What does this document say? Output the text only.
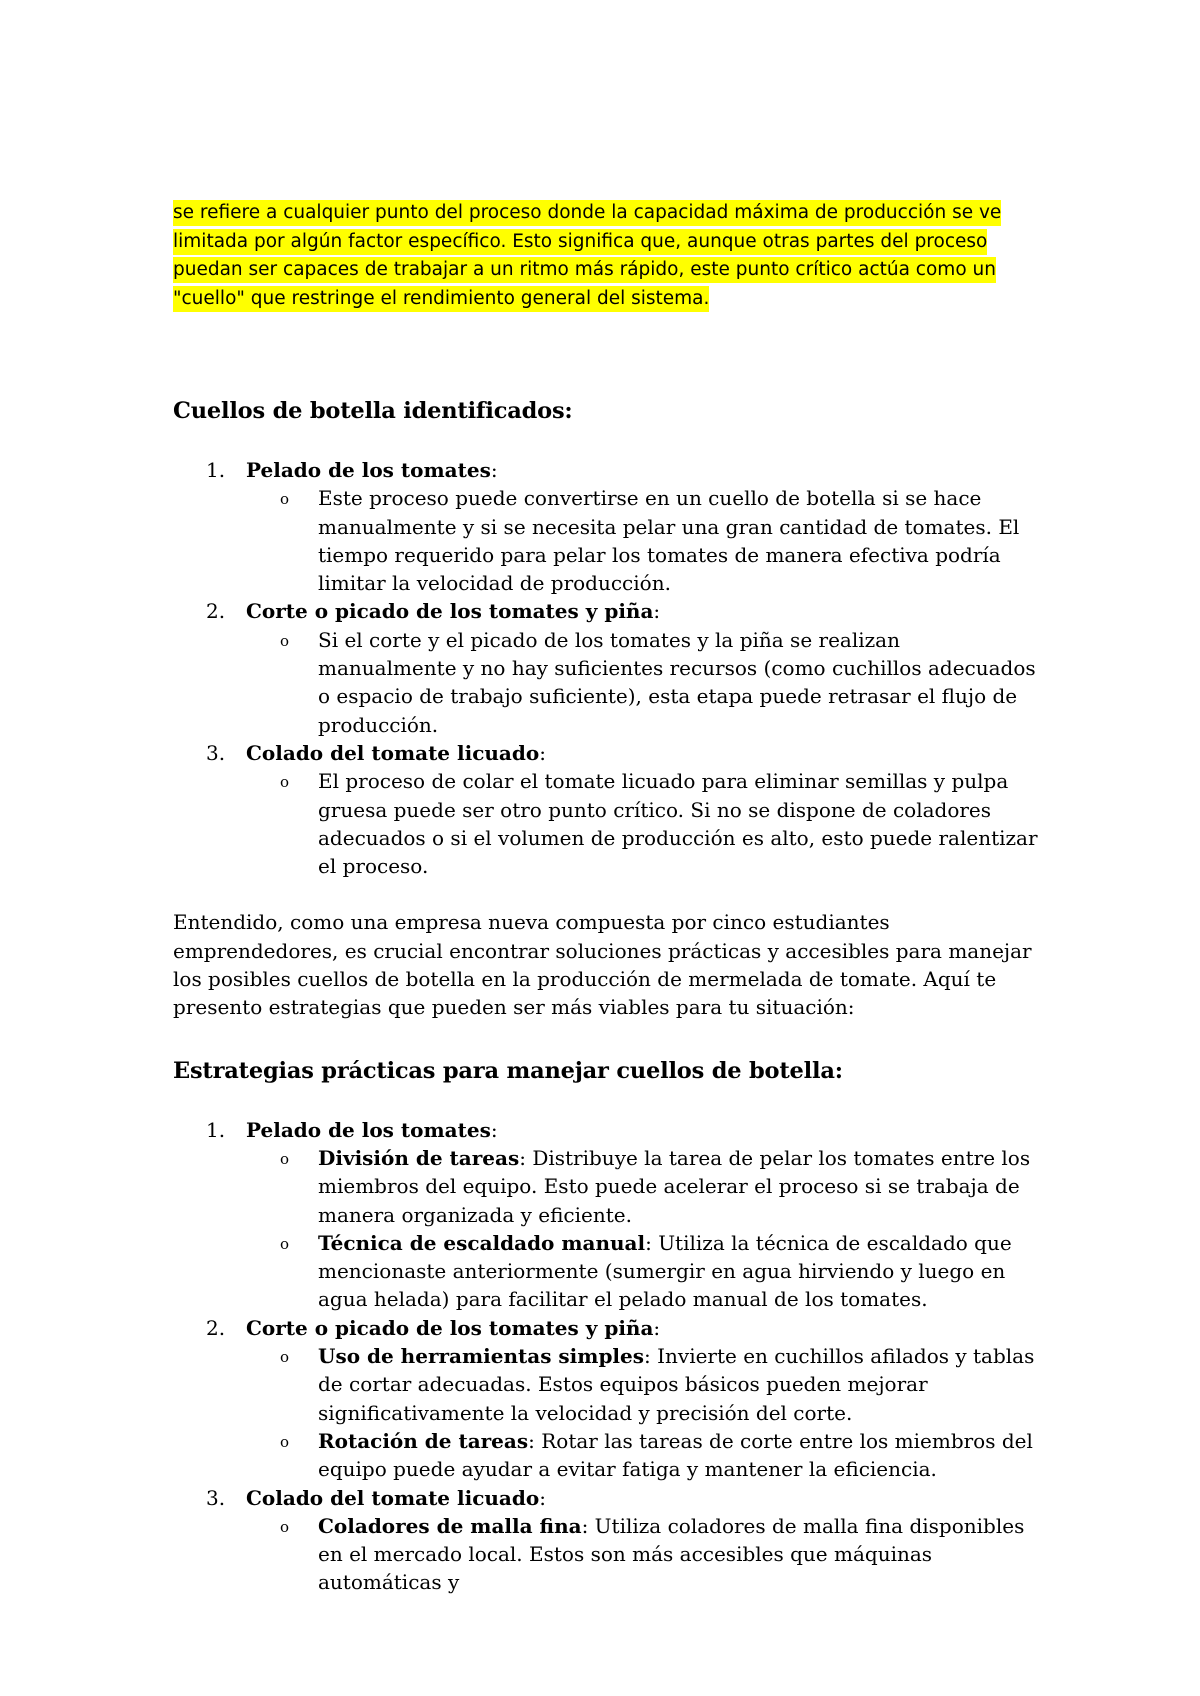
se refiere a cualquier punto del proceso donde la capacidad máxima de producción se ve limitada por algún factor específico. Esto significa que, aunque otras partes del proceso puedan ser capaces de trabajar a un ritmo más rápido, este punto crítico actúa como un "cuello" que restringe el rendimiento general del sistema.

Cuellos de botella identificados:
1. Pelado de los tomates:
o Este proceso puede convertirse en un cuello de botella si se hace manualmente y si se necesita pelar una gran cantidad de tomates. El tiempo requerido para pelar los tomates de manera efectiva podría limitar la velocidad de producción.
2. Corte o picado de los tomates y piña:
o Si el corte y el picado de los tomates y la piña se realizan manualmente y no hay suficientes recursos (como cuchillos adecuados o espacio de trabajo suficiente), esta etapa puede retrasar el flujo de producción.
3. Colado del tomate licuado:
o El proceso de colar el tomate licuado para eliminar semillas y pulpa gruesa puede ser otro punto crítico. Si no se dispone de coladores adecuados o si el volumen de producción es alto, esto puede ralentizar el proceso.

Entendido, como una empresa nueva compuesta por cinco estudiantes emprendedores, es crucial encontrar soluciones prácticas y accesibles para manejar los posibles cuellos de botella en la producción de mermelada de tomate. Aquí te presento estrategias que pueden ser más viables para tu situación:

Estrategias prácticas para manejar cuellos de botella:
1. Pelado de los tomates:
o División de tareas: Distribuye la tarea de pelar los tomates entre los miembros del equipo. Esto puede acelerar el proceso si se trabaja de manera organizada y eficiente.
o Técnica de escaldado manual: Utiliza la técnica de escaldado que mencionaste anteriormente (sumergir en agua hirviendo y luego en agua helada) para facilitar el pelado manual de los tomates.
2. Corte o picado de los tomates y piña:
o Uso de herramientas simples: Invierte en cuchillos afilados y tablas de cortar adecuadas. Estos equipos básicos pueden mejorar significativamente la velocidad y precisión del corte.
o Rotación de tareas: Rotar las tareas de corte entre los miembros del equipo puede ayudar a evitar fatiga y mantener la eficiencia.
3. Colado del tomate licuado:
o Coladores de malla fina: Utiliza coladores de malla fina disponibles en el mercado local. Estos son más accesibles que máquinas automáticas y
